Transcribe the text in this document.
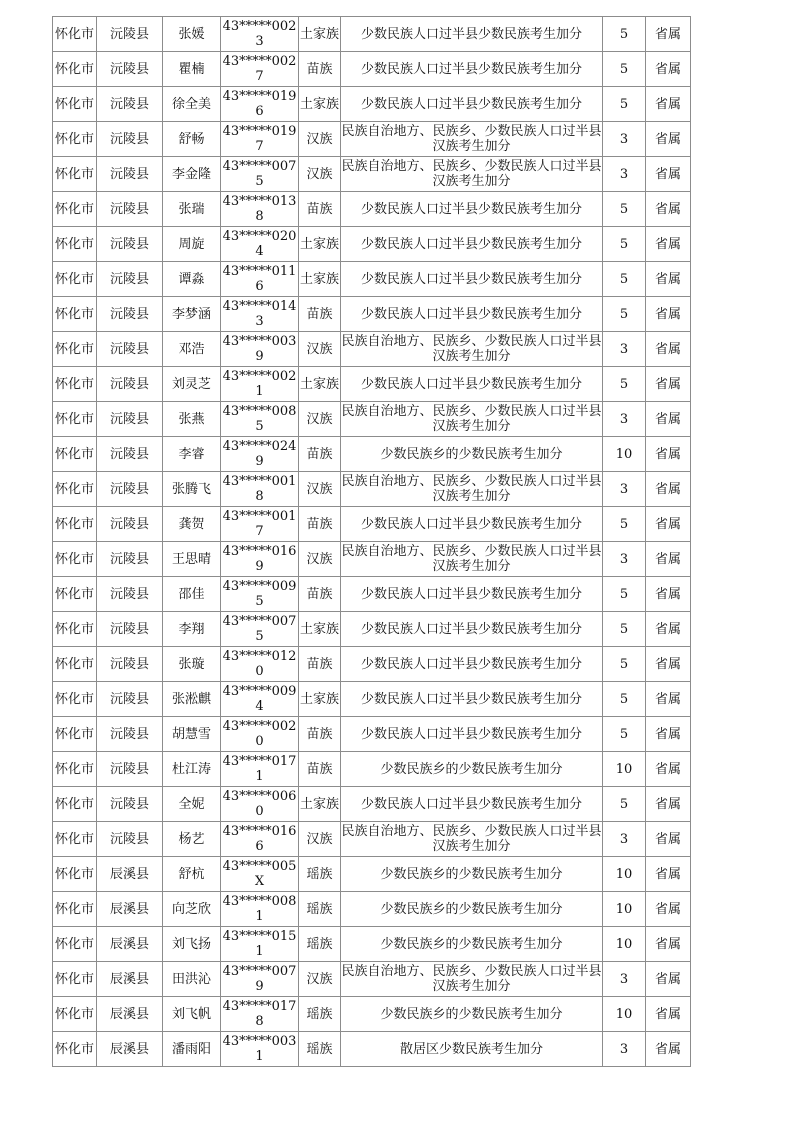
怀化市	沅陵县	张媛	43*****0023	土家族	少数民族人口过半县少数民族考生加分	5	省属
怀化市	沅陵县	瞿楠	43*****0027	苗族	少数民族人口过半县少数民族考生加分	5	省属
怀化市	沅陵县	徐全美	43*****0196	土家族	少数民族人口过半县少数民族考生加分	5	省属
怀化市	沅陵县	舒畅	43*****0197	汉族	民族自治地方、民族乡、少数民族人口过半县汉族考生加分	3	省属
怀化市	沅陵县	李金隆	43*****0075	汉族	民族自治地方、民族乡、少数民族人口过半县汉族考生加分	3	省属
怀化市	沅陵县	张瑞	43*****0138	苗族	少数民族人口过半县少数民族考生加分	5	省属
怀化市	沅陵县	周旋	43*****0204	土家族	少数民族人口过半县少数民族考生加分	5	省属
怀化市	沅陵县	谭淼	43*****0116	土家族	少数民族人口过半县少数民族考生加分	5	省属
怀化市	沅陵县	李梦涵	43*****0143	苗族	少数民族人口过半县少数民族考生加分	5	省属
怀化市	沅陵县	邓浩	43*****0039	汉族	民族自治地方、民族乡、少数民族人口过半县汉族考生加分	3	省属
怀化市	沅陵县	刘灵芝	43*****0021	土家族	少数民族人口过半县少数民族考生加分	5	省属
怀化市	沅陵县	张燕	43*****0085	汉族	民族自治地方、民族乡、少数民族人口过半县汉族考生加分	3	省属
怀化市	沅陵县	李睿	43*****0249	苗族	少数民族乡的少数民族考生加分	10	省属
怀化市	沅陵县	张腾飞	43*****0018	汉族	民族自治地方、民族乡、少数民族人口过半县汉族考生加分	3	省属
怀化市	沅陵县	龚贺	43*****0017	苗族	少数民族人口过半县少数民族考生加分	5	省属
怀化市	沅陵县	王思晴	43*****0169	汉族	民族自治地方、民族乡、少数民族人口过半县汉族考生加分	3	省属
怀化市	沅陵县	邵佳	43*****0095	苗族	少数民族人口过半县少数民族考生加分	5	省属
怀化市	沅陵县	李翔	43*****0075	土家族	少数民族人口过半县少数民族考生加分	5	省属
怀化市	沅陵县	张璇	43*****0120	苗族	少数民族人口过半县少数民族考生加分	5	省属
怀化市	沅陵县	张淞麒	43*****0094	土家族	少数民族人口过半县少数民族考生加分	5	省属
怀化市	沅陵县	胡慧雪	43*****0020	苗族	少数民族人口过半县少数民族考生加分	5	省属
怀化市	沅陵县	杜江涛	43*****0171	苗族	少数民族乡的少数民族考生加分	10	省属
怀化市	沅陵县	全妮	43*****0060	土家族	少数民族人口过半县少数民族考生加分	5	省属
怀化市	沅陵县	杨艺	43*****0166	汉族	民族自治地方、民族乡、少数民族人口过半县汉族考生加分	3	省属
怀化市	辰溪县	舒杭	43*****005X	瑶族	少数民族乡的少数民族考生加分	10	省属
怀化市	辰溪县	向芝欣	43*****0081	瑶族	少数民族乡的少数民族考生加分	10	省属
怀化市	辰溪县	刘飞扬	43*****0151	瑶族	少数民族乡的少数民族考生加分	10	省属
怀化市	辰溪县	田洪沁	43*****0079	汉族	民族自治地方、民族乡、少数民族人口过半县汉族考生加分	3	省属
怀化市	辰溪县	刘飞帆	43*****0178	瑶族	少数民族乡的少数民族考生加分	10	省属
怀化市	辰溪县	潘雨阳	43*****0031	瑶族	散居区少数民族考生加分	3	省属
